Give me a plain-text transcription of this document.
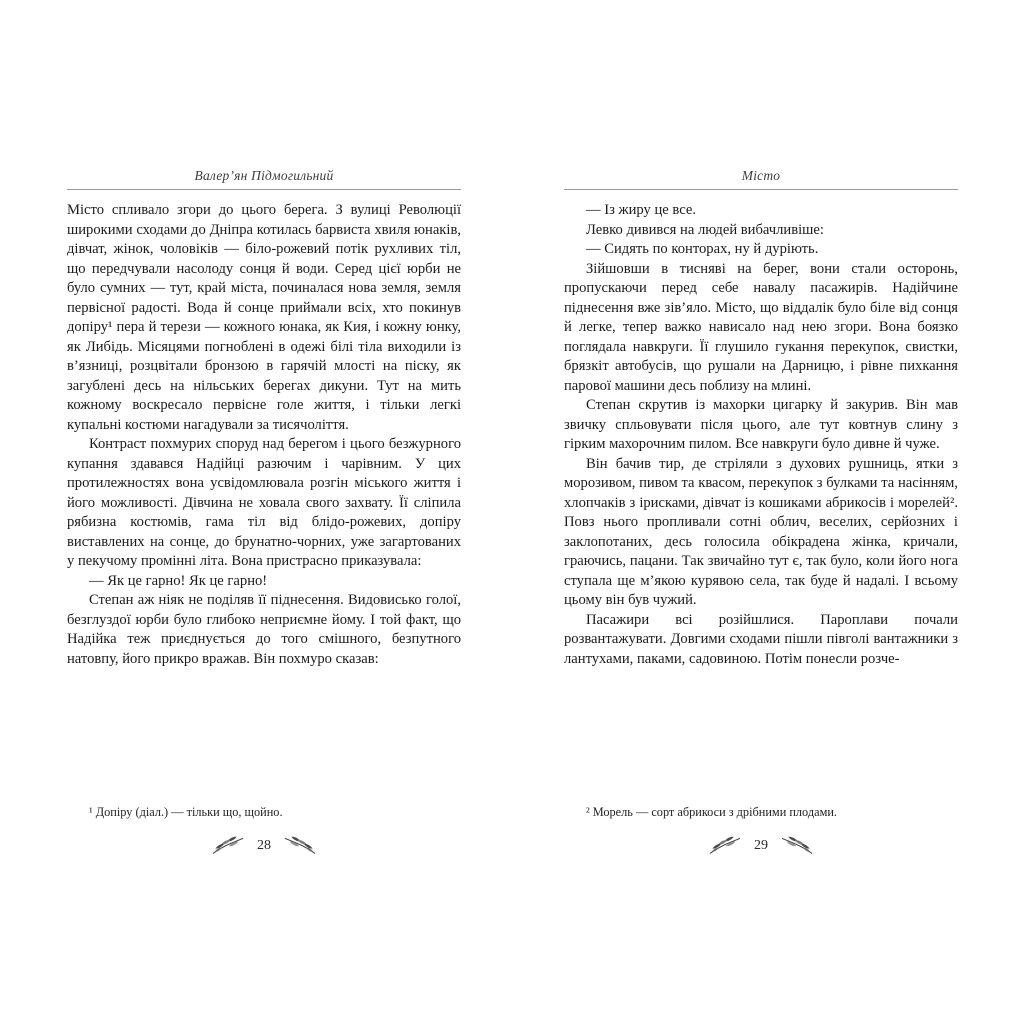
Валер’ян Підмогильний

Місто спливало згори до цього берега. З вулиці Революції широкими сходами до Дніпра котилась барвиста хвиля юнаків, дівчат, жінок, чоловіків — біло-рожевий потік рухливих тіл, що передчували насолоду сонця й води. Серед цієї юрби не було сумних — тут, край міста, починалася нова земля, земля первісної радості. Вода й сонце приймали всіх, хто покинув допіру¹ пера й терези — кожного юнака, як Кия, і кожну юнку, як Либідь. Місяцями погноблені в одежі білі тіла виходили із в’язниці, розцвітали бронзою в гарячій млості на піску, як загублені десь на нільських берегах дикуни. Тут на мить кожному воскресало первісне голе життя, і тільки легкі купальні костюми нагадували за тисячоліття.

Контраст похмурих споруд над берегом і цього безжурного купання здавався Надійці разючим і чарівним. У цих протилежностях вона усвідомлювала розгін міського життя і його можливості. Дівчина не ховала свого захвату. Її сліпила рябизна костюмів, гама тіл від блідо-рожевих, допіру виставлених на сонце, до брунатно-чорних, уже загартованих у пекучому промінні літа. Вона пристрасно приказувала:

— Як це гарно! Як це гарно!

Степан аж ніяк не поділяв її піднесення. Видовисько голої, безглуздої юрби було глибоко неприємне йому. І той факт, що Надійка теж приєднується до того смішного, безпутного натовпу, його прикро вражав. Він похмуро сказав:

¹ Допіру (діал.) — тільки що, щойно.
28
Місто

— Із жиру це все.

Левко дивився на людей вибачливіше:

— Сидять по конторах, ну й дуріють.

Зійшовши в тисняві на берег, вони стали осторонь, пропускаючи перед себе навалу пасажирів. Надійчине піднесення вже зів’яло. Місто, що віддалік було біле від сонця й легке, тепер важко нависало над нею згори. Вона боязко поглядала навкруги. Її глушило гукання перекупок, свистки, брязкіт автобусів, що рушали на Дарницю, і рівне пихкання парової машини десь поблизу на млині.

Степан скрутив із махорки цигарку й закурив. Він мав звичку спльовувати після цього, але тут ковтнув слину з гірким махорочним пилом. Все навкруги було дивне й чуже.

Він бачив тир, де стріляли з духових рушниць, ятки з морозивом, пивом та квасом, перекупок з булками та насінням, хлопчаків з ірисками, дівчат із кошиками абрикосів і морелей². Повз нього пропливали сотні облич, веселих, серйозних і заклопотаних, десь голосила обікрадена жінка, кричали, граючись, пацани. Так звичайно тут є, так було, коли його нога ступала ще м’якою курявою села, так буде й надалі. І всьому цьому він був чужий.

Пасажири всі розійшлися. Пароплави почали розвантажувати. Довгими сходами пішли півголі вантажники з лантухами, паками, садовиною. Потім понесли розче-

² Морель — сорт абрикоси з дрібними плодами.
29
